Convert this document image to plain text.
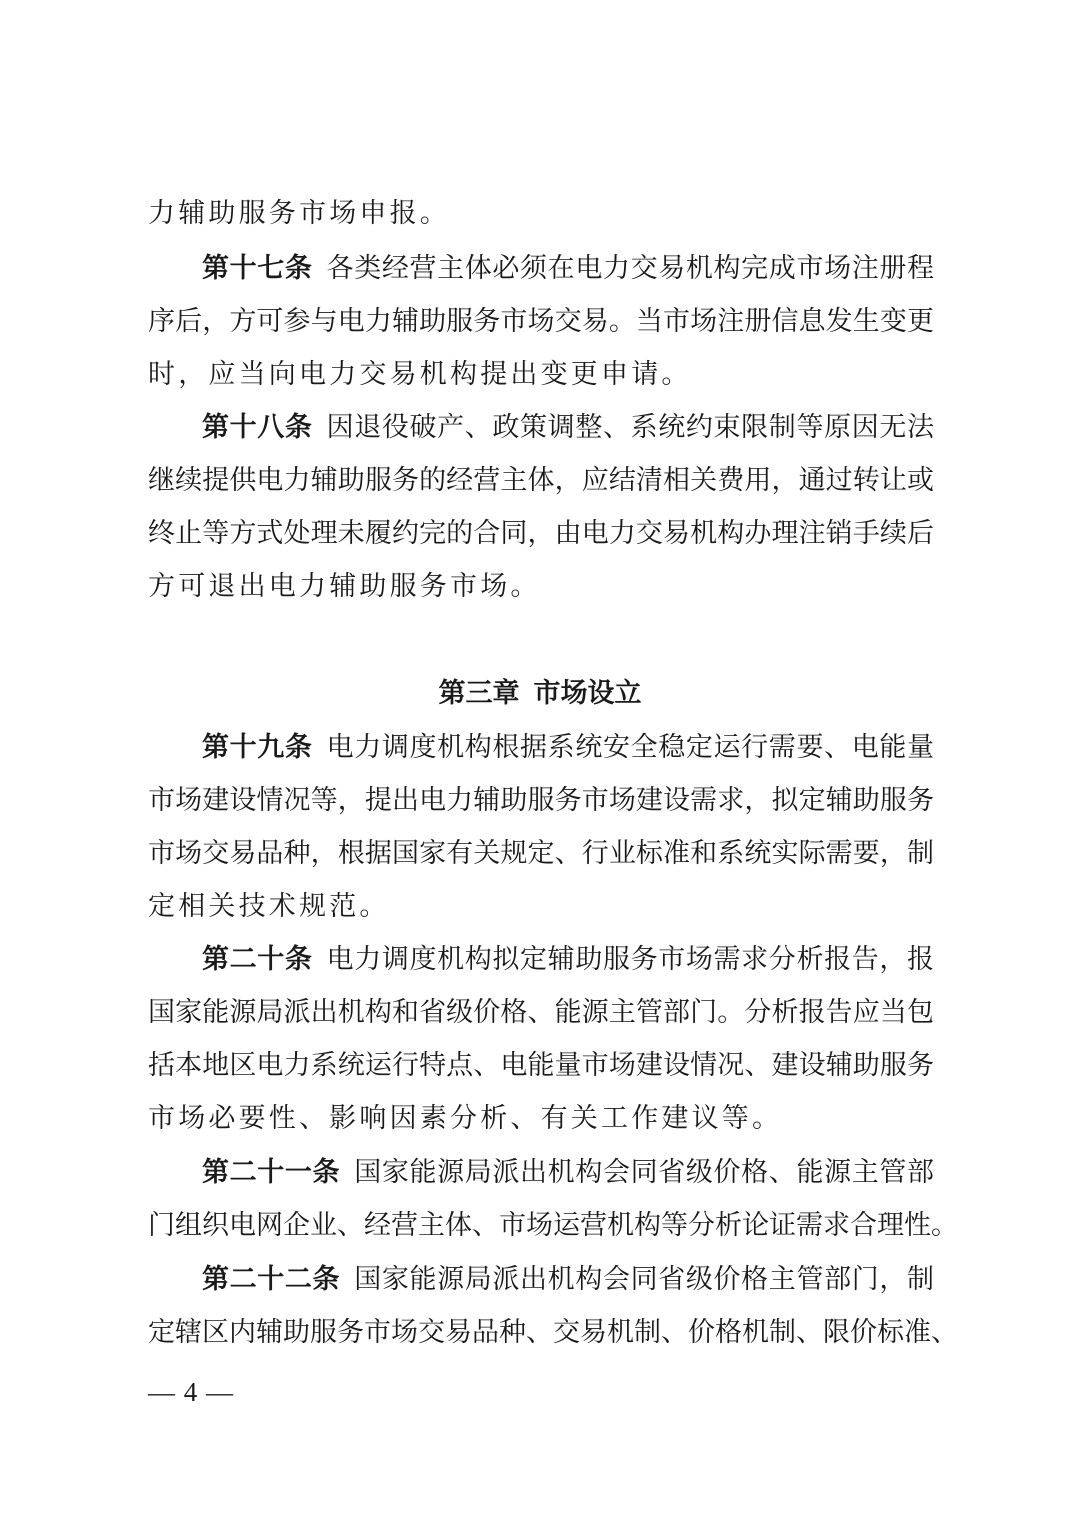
力辅助服务市场申报。
第十七条 各类经营主体必须在电力交易机构完成市场注册程
序后，方可参与电力辅助服务市场交易。当市场注册信息发生变更
时，应当向电力交易机构提出变更申请。
第十八条 因退役破产、政策调整、系统约束限制等原因无法
继续提供电力辅助服务的经营主体，应结清相关费用，通过转让或
终止等方式处理未履约完的合同，由电力交易机构办理注销手续后
方可退出电力辅助服务市场。
第十九条 电力调度机构根据系统安全稳定运行需要、电能量
市场建设情况等，提出电力辅助服务市场建设需求，拟定辅助服务
市场交易品种，根据国家有关规定、行业标准和系统实际需要，制
定相关技术规范。
第二十条 电力调度机构拟定辅助服务市场需求分析报告，报
国家能源局派出机构和省级价格、能源主管部门。分析报告应当包
括本地区电力系统运行特点、电能量市场建设情况、建设辅助服务
市场必要性、影响因素分析、有关工作建议等。
第二十一条 国家能源局派出机构会同省级价格、能源主管部
门组织电网企业、经营主体、市场运营机构等分析论证需求合理性。
第二十二条 国家能源局派出机构会同省级价格主管部门，制
定辖区内辅助服务市场交易品种、交易机制、价格机制、限价标准、
第三章 市场设立
— 4 —
